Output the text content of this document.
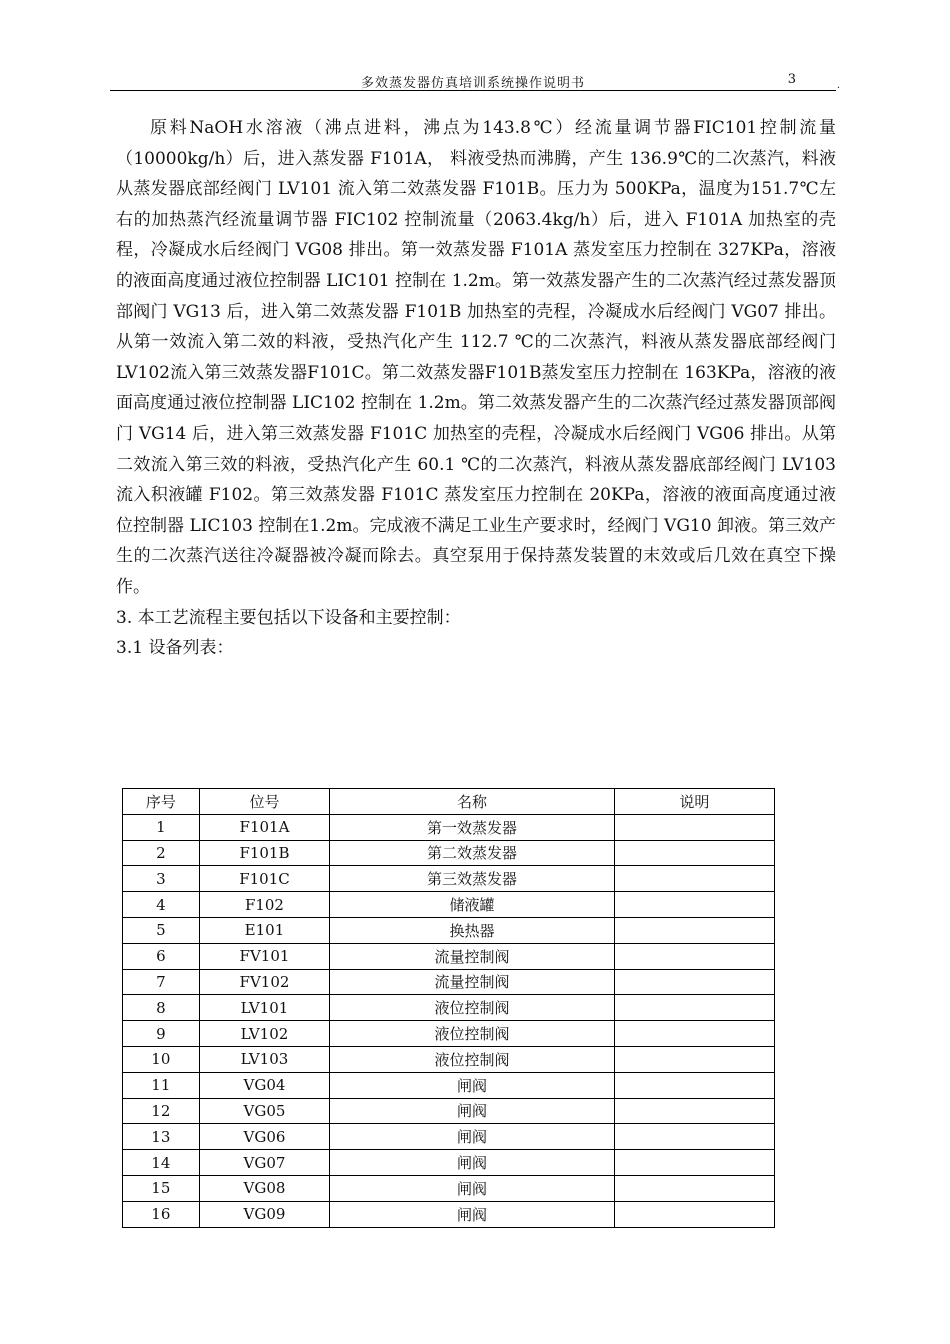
多效蒸发器仿真培训系统操作说明书	3	.

原料NaOH水溶液（沸点进料，沸点为143.8℃）经流量调节器FIC101控制流量（10000kg/h）后，进入蒸发器 F101A， 料液受热而沸腾，产生 136.9℃的二次蒸汽，料液从蒸发器底部经阀门 LV101 流入第二效蒸发器 F101B。压力为 500KPa，温度为151.7℃左右的加热蒸汽经流量调节器 FIC102 控制流量（2063.4kg/h）后，进入 F101A 加热室的壳程，冷凝成水后经阀门 VG08 排出。第一效蒸发器 F101A 蒸发室压力控制在 327KPa，溶液的液面高度通过液位控制器 LIC101 控制在 1.2m。第一效蒸发器产生的二次蒸汽经过蒸发器顶部阀门 VG13 后，进入第二效蒸发器 F101B 加热室的壳程，冷凝成水后经阀门 VG07 排出。从第一效流入第二效的料液，受热汽化产生 112.7 ℃的二次蒸汽，料液从蒸发器底部经阀门LV102流入第三效蒸发器F101C。第二效蒸发器F101B蒸发室压力控制在 163KPa，溶液的液面高度通过液位控制器 LIC102 控制在 1.2m。第二效蒸发器产生的二次蒸汽经过蒸发器顶部阀门 VG14 后，进入第三效蒸发器 F101C 加热室的壳程，冷凝成水后经阀门 VG06 排出。从第二效流入第三效的料液，受热汽化产生 60.1 ℃的二次蒸汽，料液从蒸发器底部经阀门 LV103 流入积液罐 F102。第三效蒸发器 F101C 蒸发室压力控制在 20KPa，溶液的液面高度通过液位控制器 LIC103 控制在1.2m。完成液不满足工业生产要求时，经阀门 VG10 卸液。第三效产生的二次蒸汽送往冷凝器被冷凝而除去。真空泵用于保持蒸发装置的末效或后几效在真空下操作。

3. 本工艺流程主要包括以下设备和主要控制：

3.1 设备列表：

序号	位号	名称	说明
1	F101A	第一效蒸发器	
2	F101B	第二效蒸发器	
3	F101C	第三效蒸发器	
4	F102	储液罐	
5	E101	换热器	
6	FV101	流量控制阀	
7	FV102	流量控制阀	
8	LV101	液位控制阀	
9	LV102	液位控制阀	
10	LV103	液位控制阀	
11	VG04	闸阀	
12	VG05	闸阀	
13	VG06	闸阀	
14	VG07	闸阀	
15	VG08	闸阀	
16	VG09	闸阀	
